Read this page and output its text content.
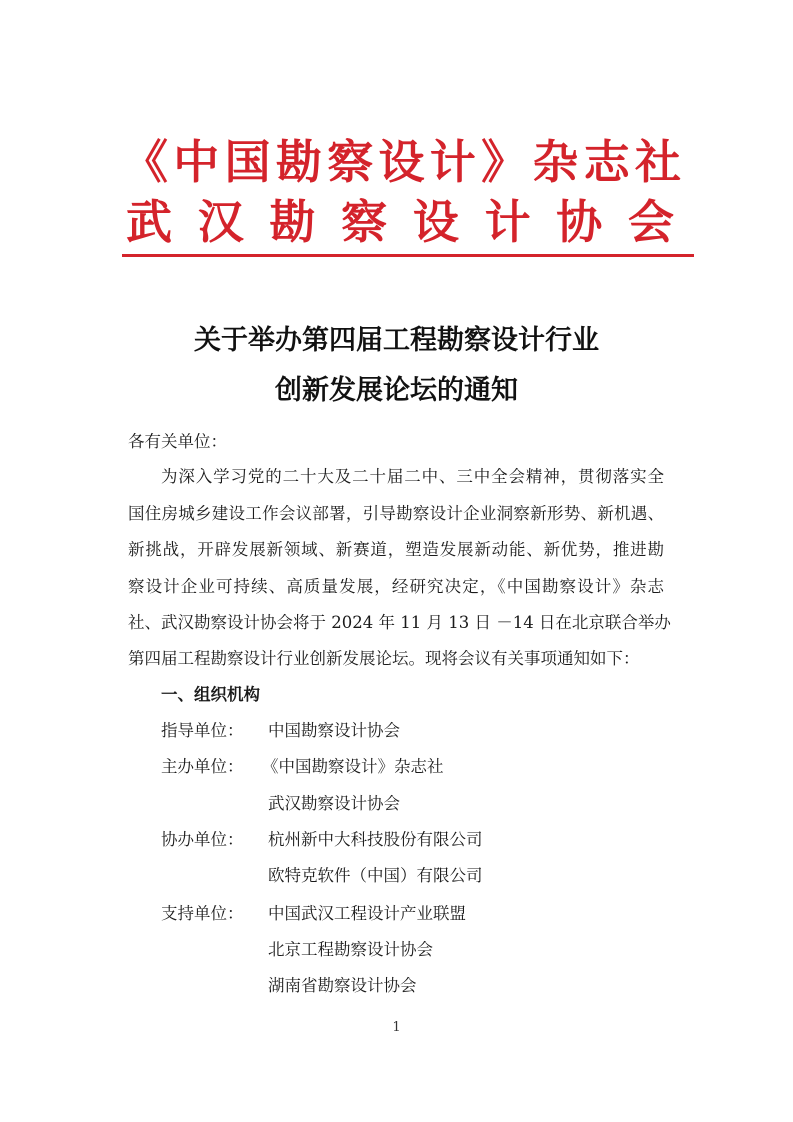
《中国勘察设计》杂志社
武汉勘察设计协会
关于举办第四届工程勘察设计行业
创新发展论坛的通知
各有关单位：
为深入学习党的二十大及二十届二中、三中全会精神，贯彻落实全
国住房城乡建设工作会议部署，引导勘察设计企业洞察新形势、新机遇、
新挑战，开辟发展新领域、新赛道，塑造发展新动能、新优势，推进勘
察设计企业可持续、高质量发展，经研究决定，《中国勘察设计》杂志
社、武汉勘察设计协会将于 2024 年 11 月 13 日 －14 日在北京联合举办
第四届工程勘察设计行业创新发展论坛。现将会议有关事项通知如下：
一、组织机构
指导单位： 中国勘察设计协会
主办单位： 《中国勘察设计》杂志社
武汉勘察设计协会
协办单位： 杭州新中大科技股份有限公司
欧特克软件（中国）有限公司
支持单位： 中国武汉工程设计产业联盟
北京工程勘察设计协会
湖南省勘察设计协会
1
